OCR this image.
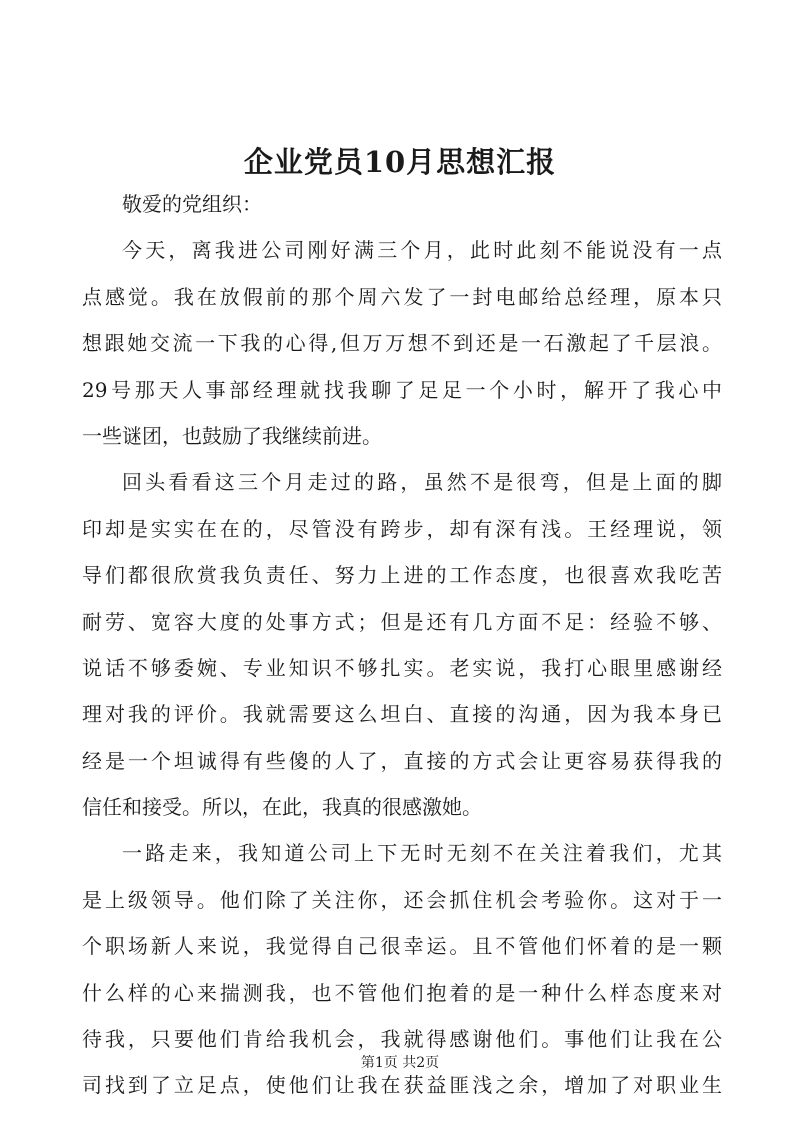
企业党员10月思想汇报
敬爱的党组织：
今天，离我进公司刚好满三个月，此时此刻不能说没有一点
点感觉。我在放假前的那个周六发了一封电邮给总经理，原本只
想跟她交流一下我的心得,但万万想不到还是一石激起了千层浪。
29号那天人事部经理就找我聊了足足一个小时，解开了我心中
一些谜团，也鼓励了我继续前进。
回头看看这三个月走过的路，虽然不是很弯，但是上面的脚
印却是实实在在的，尽管没有跨步，却有深有浅。王经理说，领
导们都很欣赏我负责任、努力上进的工作态度，也很喜欢我吃苦
耐劳、宽容大度的处事方式；但是还有几方面不足：经验不够、
说话不够委婉、专业知识不够扎实。老实说，我打心眼里感谢经
理对我的评价。我就需要这么坦白、直接的沟通，因为我本身已
经是一个坦诚得有些傻的人了，直接的方式会让更容易获得我的
信任和接受。所以，在此，我真的很感激她。
一路走来，我知道公司上下无时无刻不在关注着我们，尤其
是上级领导。他们除了关注你，还会抓住机会考验你。这对于一
个职场新人来说，我觉得自己很幸运。且不管他们怀着的是一颗
什么样的心来揣测我，也不管他们抱着的是一种什么样态度来对
待我，只要他们肯给我机会，我就得感谢他们。事他们让我在公
司找到了立足点，使他们让我在获益匪浅之余，增加了对职业生
第1页 共2页
